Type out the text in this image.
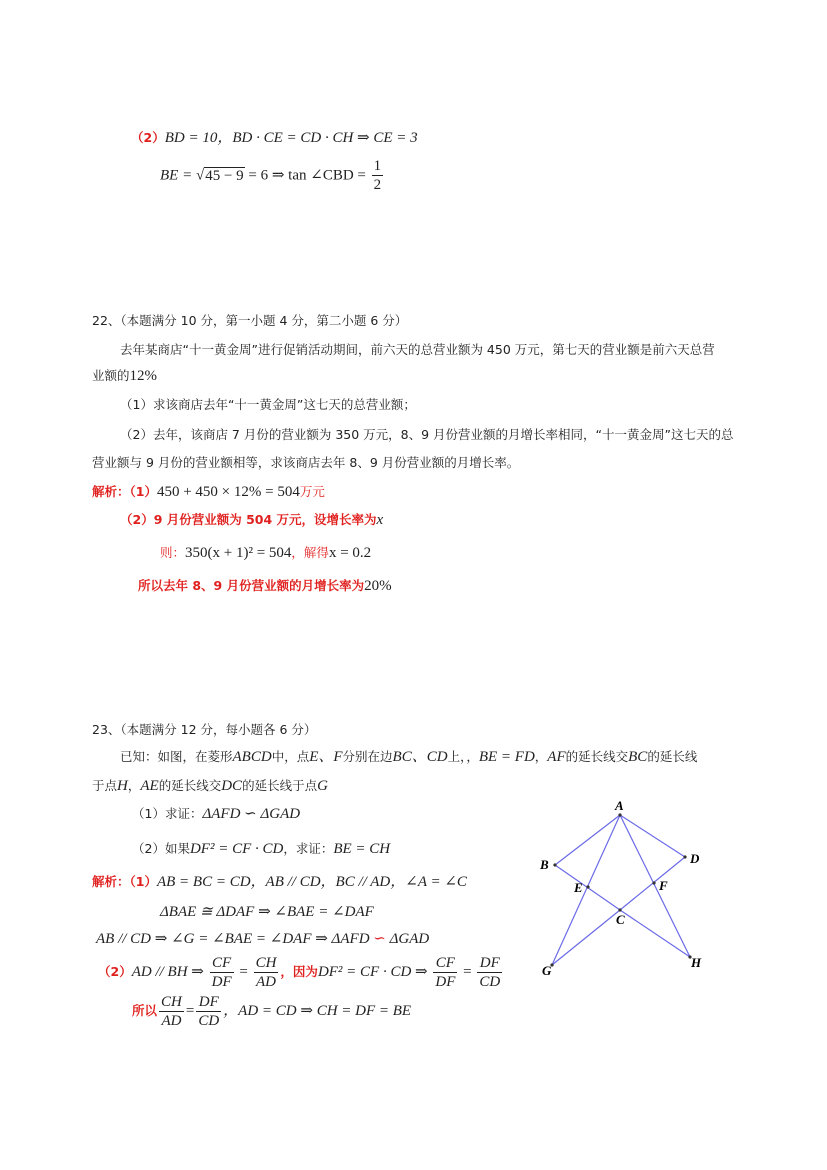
（2）BD = 10，BD · CE = CD · CH ⇒ CE = 3
BE = √45 − 9 = 6 ⇒ tan ∠CBD = $\frac{1}{2}$
22、（本题满分 10 分，第一小题 4 分，第二小题 6 分）
去年某商店“十一黄金周”进行促销活动期间，前六天的总营业额为 450 万元，第七天的营业额是前六天总营
业额的12%
（1）求该商店去年“十一黄金周”这七天的总营业额；
（2）去年，该商店 7 月份的营业额为 350 万元，8、9 月份营业额的月增长率相同，“十一黄金周”这七天的总
营业额与 9 月份的营业额相等，求该商店去年 8、9 月份营业额的月增长率。
解析：（1）450 + 450 × 12% = 504万元
（2）9 月份营业额为 504 万元，设增长率为x
则：350(x + 1)² = 504，解得x = 0.2
所以去年 8、9 月份营业额的月增长率为20%
23、（本题满分 12 分，每小题各 6 分）
已知：如图，在菱形ABCD中，点E、F分别在边BC、CD上，，BE = FD，AF的延长线交BC的延长线
于点H，AE的延长线交DC的延长线于点G
（1）求证：ΔAFD ∽ ΔGAD
（2）如果DF² = CF · CD，求证：BE = CH
解析：（1）AB = BC = CD，AB // CD，BC // AD，∠A = ∠C
ΔBAE ≅ ΔDAF ⇒ ∠BAE = ∠DAF
AB // CD ⇒ ∠G = ∠BAE = ∠DAF ⇒ ΔAFD ∽ ΔGAD
（2）AD // BH ⇒ $\frac{CF}{DF} = \frac{CH}{AD}$ ，因为DF² = CF · CD ⇒ $\frac{CF}{DF} = \frac{DF}{CD}$
所以 $\frac{CH}{AD} = \frac{DF}{CD}$ ，AD = CD ⇒ CH = DF = BE
A
B	D
E	F
C
G
H
